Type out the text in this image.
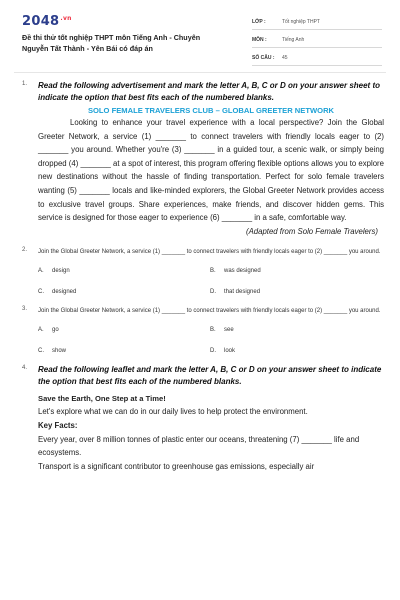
$2048^{.vn}$
Đề thi thử tốt nghiệp THPT môn Tiếng Anh - Chuyên Nguyễn Tất Thành - Yên Bái có đáp án
LỚP :	Tốt nghiệp THPT
MÔN :	Tiếng Anh
SỐ CÂU :	45
1. Read the following advertisement and mark the letter A, B, C or D on your answer sheet to indicate the option that best fits each of the numbered blanks.
SOLO FEMALE TRAVELERS CLUB – GLOBAL GREETER NETWORK
Looking to enhance your travel experience with a local perspective? Join the Global Greeter Network, a service (1) _______ to connect travelers with friendly locals eager to (2) _______ you around. Whether you're (3) _______ in a guided tour, a scenic walk, or simply being dropped (4) _______ at a spot of interest, this program offering flexible options allows you to explore new destinations without the hassle of finding transportation. Perfect for solo female travelers wanting (5) _______ locals and like-minded explorers, the Global Greeter Network provides access to exclusive travel groups. Share experiences, make friends, and discover hidden gems. This service is designed for those eager to experience (6) _______ in a safe, comfortable way.
(Adapted from Solo Female Travelers)
2. Join the Global Greeter Network, a service (1) _______ to connect travelers with friendly locals eager to (2) _______ you around.
A. design	B. was designed
C. designed	D. that designed
3. Join the Global Greeter Network, a service (1) _______ to connect travelers with friendly locals eager to (2) _______ you around.
A. go	B. see
C. show	D. look
4. Read the following leaflet and mark the letter A, B, C or D on your answer sheet to indicate the option that best fits each of the numbered blanks.
Save the Earth, One Step at a Time!
Let's explore what we can do in our daily lives to help protect the environment.
Key Facts:
Every year, over 8 million tonnes of plastic enter our oceans, threatening (7) _______ life and ecosystems.
Transport is a significant contributor to greenhouse gas emissions, especially air
